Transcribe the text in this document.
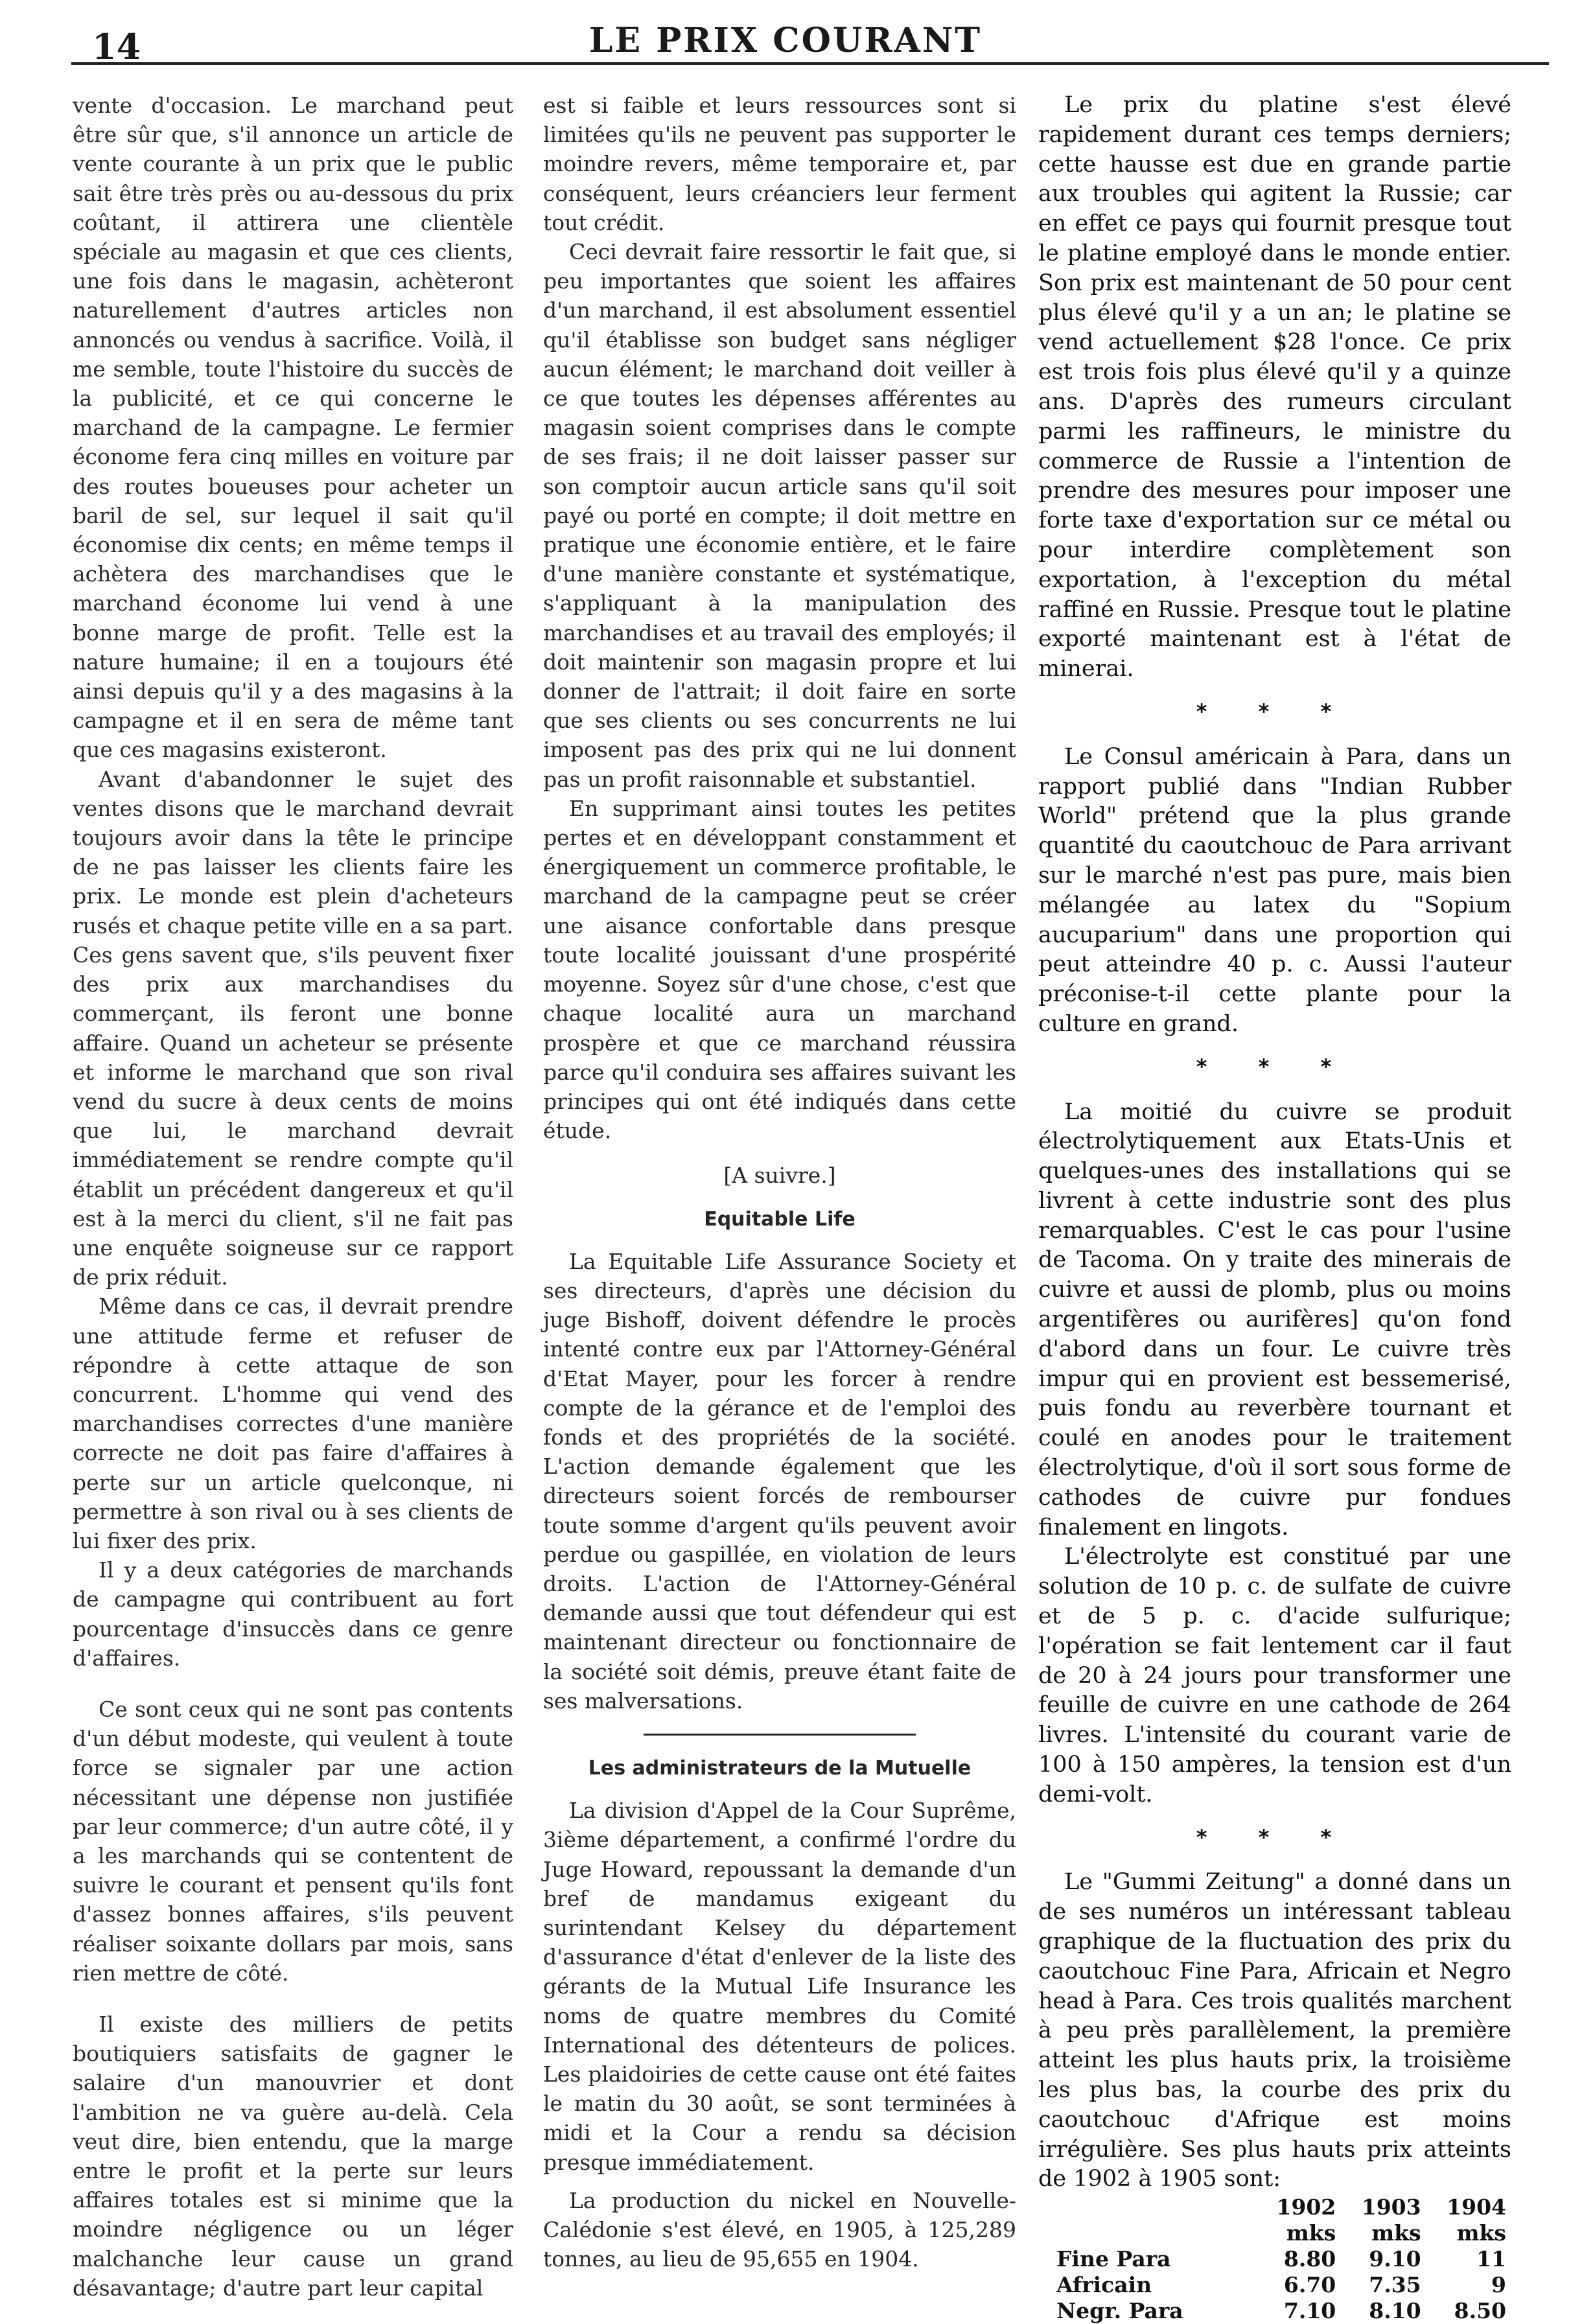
14	LE PRIX COURANT

vente d'occasion. Le marchand peut être sûr que, s'il annonce un article de vente courante à un prix que le public sait être très près ou au-dessous du prix coûtant, il attirera une clientèle spéciale au magasin et que ces clients, une fois dans le magasin, achèteront naturellement d'autres articles non annoncés ou vendus à sacrifice. Voilà, il me semble, toute l'histoire du succès de la publicité, et ce qui concerne le marchand de la campagne. Le fermier économe fera cinq milles en voiture par des routes boueuses pour acheter un baril de sel, sur lequel il sait qu'il économise dix cents; en même temps il achètera des marchandises que le marchand économe lui vend à une bonne marge de profit. Telle est la nature humaine; il en a toujours été ainsi depuis qu'il y a des magasins à la campagne et il en sera de même tant que ces magasins existeront.

Avant d'abandonner le sujet des ventes disons que le marchand devrait toujours avoir dans la tête le principe de ne pas laisser les clients faire les prix. Le monde est plein d'acheteurs rusés et chaque petite ville en a sa part. Ces gens savent que, s'ils peuvent fixer des prix aux marchandises du commerçant, ils feront une bonne affaire. Quand un acheteur se présente et informe le marchand que son rival vend du sucre à deux cents de moins que lui, le marchand devrait immédiatement se rendre compte qu'il établit un précédent dangereux et qu'il est à la merci du client, s'il ne fait pas une enquête soigneuse sur ce rapport de prix réduit.

Même dans ce cas, il devrait prendre une attitude ferme et refuser de répondre à cette attaque de son concurrent. L'homme qui vend des marchandises correctes d'une manière correcte ne doit pas faire d'affaires à perte sur un article quelconque, ni permettre à son rival ou à ses clients de lui fixer des prix.

Il y a deux catégories de marchands de campagne qui contribuent au fort pourcentage d'insuccès dans ce genre d'affaires.

Ce sont ceux qui ne sont pas contents d'un début modeste, qui veulent à toute force se signaler par une action nécessitant une dépense non justifiée par leur commerce; d'un autre côté, il y a les marchands qui se contentent de suivre le courant et pensent qu'ils font d'assez bonnes affaires, s'ils peuvent réaliser soixante dollars par mois, sans rien mettre de côté.

Il existe des milliers de petits boutiquiers satisfaits de gagner le salaire d'un manouvrier et dont l'ambition ne va guère au-delà. Cela veut dire, bien entendu, que la marge entre le profit et la perte sur leurs affaires totales est si minime que la moindre négligence ou un léger malchanche leur cause un grand désavantage; d'autre part leur capital

est si faible et leurs ressources sont si limitées qu'ils ne peuvent pas supporter le moindre revers, même temporaire et, par conséquent, leurs créanciers leur ferment tout crédit.

Ceci devrait faire ressortir le fait que, si peu importantes que soient les affaires d'un marchand, il est absolument essentiel qu'il établisse son budget sans négliger aucun élément; le marchand doit veiller à ce que toutes les dépenses afférentes au magasin soient comprises dans le compte de ses frais; il ne doit laisser passer sur son comptoir aucun article sans qu'il soit payé ou porté en compte; il doit mettre en pratique une économie entière, et le faire d'une manière constante et systématique, s'appliquant à la manipulation des marchandises et au travail des employés; il doit maintenir son magasin propre et lui donner de l'attrait; il doit faire en sorte que ses clients ou ses concurrents ne lui imposent pas des prix qui ne lui donnent pas un profit raisonnable et substantiel.

En supprimant ainsi toutes les petites pertes et en développant constamment et énergiquement un commerce profitable, le marchand de la campagne peut se créer une aisance confortable dans presque toute localité jouissant d'une prospérité moyenne. Soyez sûr d'une chose, c'est que chaque localité aura un marchand prospère et que ce marchand réussira parce qu'il conduira ses affaires suivant les principes qui ont été indiqués dans cette étude.

[A suivre.]
Equitable Life

La Equitable Life Assurance Society et ses directeurs, d'après une décision du juge Bishoff, doivent défendre le procès intenté contre eux par l'Attorney-Général d'Etat Mayer, pour les forcer à rendre compte de la gérance et de l'emploi des fonds et des propriétés de la société. L'action demande également que les directeurs soient forcés de rembourser toute somme d'argent qu'ils peuvent avoir perdue ou gaspillée, en violation de leurs droits. L'action de l'Attorney-Général demande aussi que tout défendeur qui est maintenant directeur ou fonctionnaire de la société soit démis, preuve étant faite de ses malversations.

Les administrateurs de la Mutuelle

La division d'Appel de la Cour Suprême, 3ième département, a confirmé l'ordre du Juge Howard, repoussant la demande d'un bref de mandamus exigeant du surintendant Kelsey du département d'assurance d'état d'enlever de la liste des gérants de la Mutual Life Insurance les noms de quatre membres du Comité International des détenteurs de polices. Les plaidoiries de cette cause ont été faites le matin du 30 août, se sont terminées à midi et la Cour a rendu sa décision presque immédiatement.

La production du nickel en Nouvelle-Calédonie s'est élevé, en 1905, à 125,289 tonnes, au lieu de 95,655 en 1904.

Le prix du platine s'est élevé rapidement durant ces temps derniers; cette hausse est due en grande partie aux troubles qui agitent la Russie; car en effet ce pays qui fournit presque tout le platine employé dans le monde entier. Son prix est maintenant de 50 pour cent plus élevé qu'il y a un an; le platine se vend actuellement $28 l'once. Ce prix est trois fois plus élevé qu'il y a quinze ans. D'après des rumeurs circulant parmi les raffineurs, le ministre du commerce de Russie a l'intention de prendre des mesures pour imposer une forte taxe d'exportation sur ce métal ou pour interdire complètement son exportation, à l'exception du métal raffiné en Russie. Presque tout le platine exporté maintenant est à l'état de minerai.

* * *

Le Consul américain à Para, dans un rapport publié dans "Indian Rubber World" prétend que la plus grande quantité du caoutchouc de Para arrivant sur le marché n'est pas pure, mais bien mélangée au latex du "Sopium aucuparium" dans une proportion qui peut atteindre 40 p. c. Aussi l'auteur préconise-t-il cette plante pour la culture en grand.

* * *

La moitié du cuivre se produit électrolytiquement aux Etats-Unis et quelques-unes des installations qui se livrent à cette industrie sont des plus remarquables. C'est le cas pour l'usine de Tacoma. On y traite des minerais de cuivre et aussi de plomb, plus ou moins argentifères ou aurifères] qu'on fond d'abord dans un four. Le cuivre très impur qui en provient est bessemerisé, puis fondu au reverbère tournant et coulé en anodes pour le traitement électrolytique, d'où il sort sous forme de cathodes de cuivre pur fondues finalement en lingots.

L'électrolyte est constitué par une solution de 10 p. c. de sulfate de cuivre et de 5 p. c. d'acide sulfurique; l'opération se fait lentement car il faut de 20 à 24 jours pour transformer une feuille de cuivre en une cathode de 264 livres. L'intensité du courant varie de 100 à 150 ampères, la tension est d'un demi-volt.

* * *

Le "Gummi Zeitung" a donné dans un de ses numéros un intéressant tableau graphique de la fluctuation des prix du caoutchouc Fine Para, Africain et Negro head à Para. Ces trois qualités marchent à peu près parallèlement, la première atteint les plus hauts prix, la troisième les plus bas, la courbe des prix du caoutchouc d'Afrique est moins irrégulière. Ses plus hauts prix atteints de 1902 à 1905 sont:

	1902	1903	1904
	mks	mks	mks
Fine Para	8.80	9.10	11
Africain	6.70	7.35	9
Negr. Para	7.10	8.10	8.50
